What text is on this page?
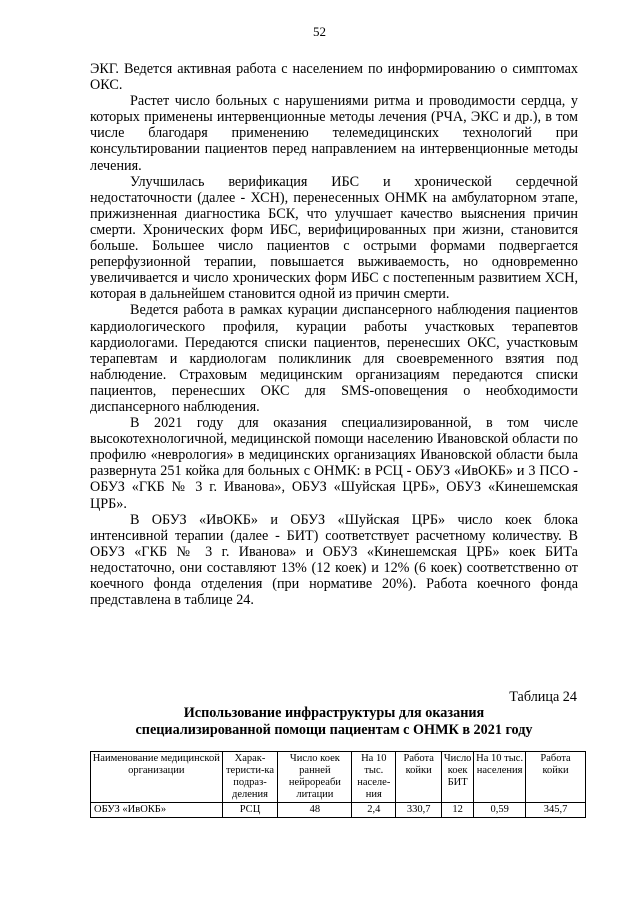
52

ЭКГ. Ведется активная работа с населением по информированию о симптомах ОКС.

Растет число больных с нарушениями ритма и проводимости сердца, у которых применены интервенционные методы лечения (РЧА, ЭКС и др.), в том числе благодаря применению телемедицинских технологий при консультировании пациентов перед направлением на интервенционные методы лечения.

Улучшилась верификация ИБС и хронической сердечной недостаточности (далее - ХСН), перенесенных ОНМК на амбулаторном этапе, прижизненная диагностика БСК, что улучшает качество выяснения причин смерти. Хронических форм ИБС, верифицированных при жизни, становится больше. Большее число пациентов с острыми формами подвергается реперфузионной терапии, повышается выживаемость, но одновременно увеличивается и число хронических форм ИБС с постепенным развитием ХСН, которая в дальнейшем становится одной из причин смерти.

Ведется работа в рамках курации диспансерного наблюдения пациентов кардиологического профиля, курации работы участковых терапевтов кардиологами. Передаются списки пациентов, перенесших ОКС, участковым терапевтам и кардиологам поликлиник для своевременного взятия под наблюдение. Страховым медицинским организациям передаются списки пациентов, перенесших ОКС для SMS-оповещения о необходимости диспансерного наблюдения.

В 2021 году для оказания специализированной, в том числе высокотехнологичной, медицинской помощи населению Ивановской области по профилю «неврология» в медицинских организациях Ивановской области была развернута 251 койка для больных с ОНМК: в РСЦ - ОБУЗ «ИвОКБ» и 3 ПСО - ОБУЗ «ГКБ № 3 г. Иванова», ОБУЗ «Шуйская ЦРБ», ОБУЗ «Кинешемская ЦРБ».

В ОБУЗ «ИвОКБ» и ОБУЗ «Шуйская ЦРБ» число коек блока интенсивной терапии (далее - БИТ) соответствует расчетному количеству. В ОБУЗ «ГКБ № 3 г. Иванова» и ОБУЗ «Кинешемская ЦРБ» коек БИТа недостаточно, они составляют 13% (12 коек) и 12% (6 коек) соответственно от коечного фонда отделения (при нормативе 20%). Работа коечного фонда представлена в таблице 24.

Таблица 24
Использование инфраструктуры для оказания
специализированной помощи пациентам с ОНМК в 2021 году
Наименование медицинской организации	Харак-теристи-ка подраз-деления	Число коек ранней нейрореаби литации	На 10 тыс. населе-ния	Работа койки	Число коек БИТ	На 10 тыс. населения	Работа койки
ОБУЗ «ИвОКБ»	РСЦ	48	2,4	330,7	12	0,59	345,7
